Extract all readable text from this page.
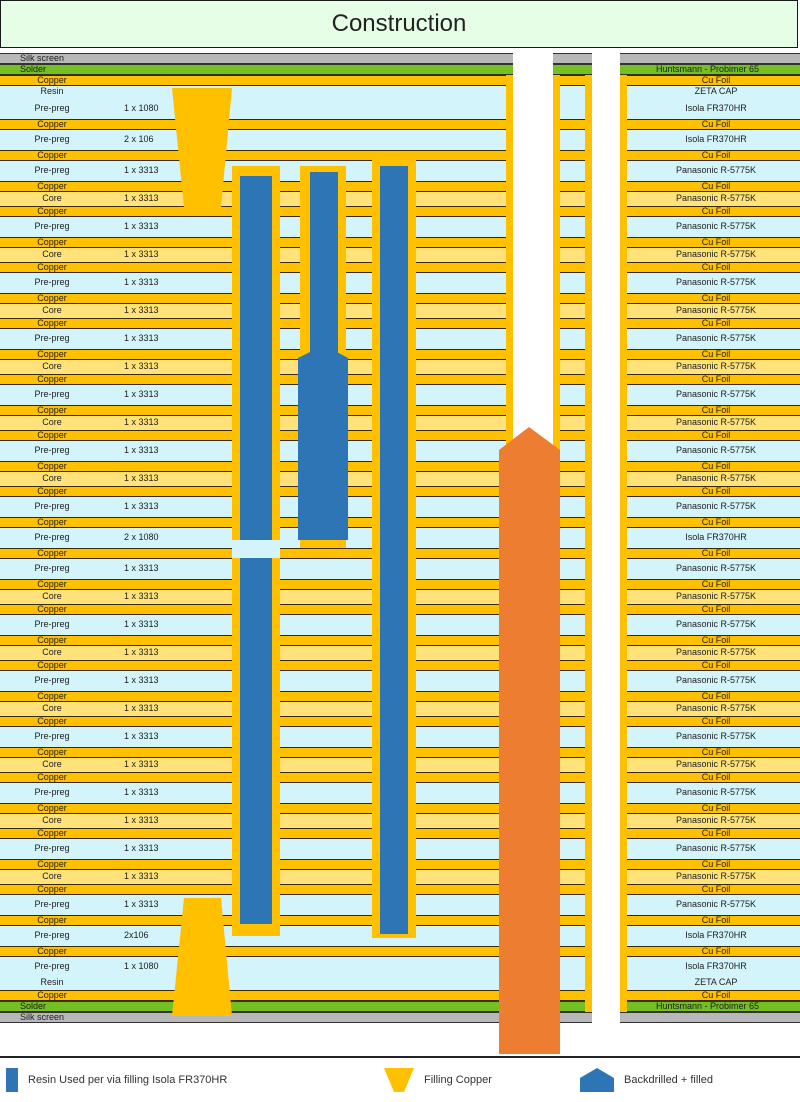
Construction
Silk screen
Solder	Huntsmann - Probimer 65
Copper	Cu Foil
Resin	ZETA CAP
Pre-preg	1 x 1080	Isola FR370HR
Copper	Cu Foil
Pre-preg	2 x 106	Isola FR370HR
Copper	Cu Foil
Pre-preg	1 x 3313	Panasonic R-5775K
Copper	Cu Foil
Core	1 x 3313	Panasonic R-5775K
Copper	Cu Foil
Pre-preg	1 x 3313	Panasonic R-5775K
Copper	Cu Foil
Core	1 x 3313	Panasonic R-5775K
Copper	Cu Foil
Pre-preg	1 x 3313	Panasonic R-5775K
Copper	Cu Foil
Core	1 x 3313	Panasonic R-5775K
Copper	Cu Foil
Pre-preg	1 x 3313	Panasonic R-5775K
Copper	Cu Foil
Core	1 x 3313	Panasonic R-5775K
Copper	Cu Foil
Pre-preg	1 x 3313	Panasonic R-5775K
Copper	Cu Foil
Core	1 x 3313	Panasonic R-5775K
Copper	Cu Foil
Pre-preg	1 x 3313	Panasonic R-5775K
Copper	Cu Foil
Core	1 x 3313	Panasonic R-5775K
Copper	Cu Foil
Pre-preg	1 x 3313	Panasonic R-5775K
Copper	Cu Foil
Pre-preg	2 x 1080	Isola FR370HR
Copper	Cu Foil
Pre-preg	1 x 3313	Panasonic R-5775K
Copper	Cu Foil
Core	1 x 3313	Panasonic R-5775K
Copper	Cu Foil
Pre-preg	1 x 3313	Panasonic R-5775K
Copper	Cu Foil
Core	1 x 3313	Panasonic R-5775K
Copper	Cu Foil
Pre-preg	1 x 3313	Panasonic R-5775K
Copper	Cu Foil
Core	1 x 3313	Panasonic R-5775K
Copper	Cu Foil
Pre-preg	1 x 3313	Panasonic R-5775K
Copper	Cu Foil
Core	1 x 3313	Panasonic R-5775K
Copper	Cu Foil
Pre-preg	1 x 3313	Panasonic R-5775K
Copper	Cu Foil
Core	1 x 3313	Panasonic R-5775K
Copper	Cu Foil
Pre-preg	1 x 3313	Panasonic R-5775K
Copper	Cu Foil
Core	1 x 3313	Panasonic R-5775K
Copper	Cu Foil
Pre-preg	1 x 3313	Panasonic R-5775K
Copper	Cu Foil
Pre-preg	2x106	Isola FR370HR
Copper	Cu Foil
Pre-preg	1 x 1080	Isola FR370HR
Resin	ZETA CAP
Copper	Cu Foil
Solder	Huntsmann - Probimer 65
Silk screen
Resin Used per via filling Isola FR370HR	Filling Copper	Backdrilled + filled
